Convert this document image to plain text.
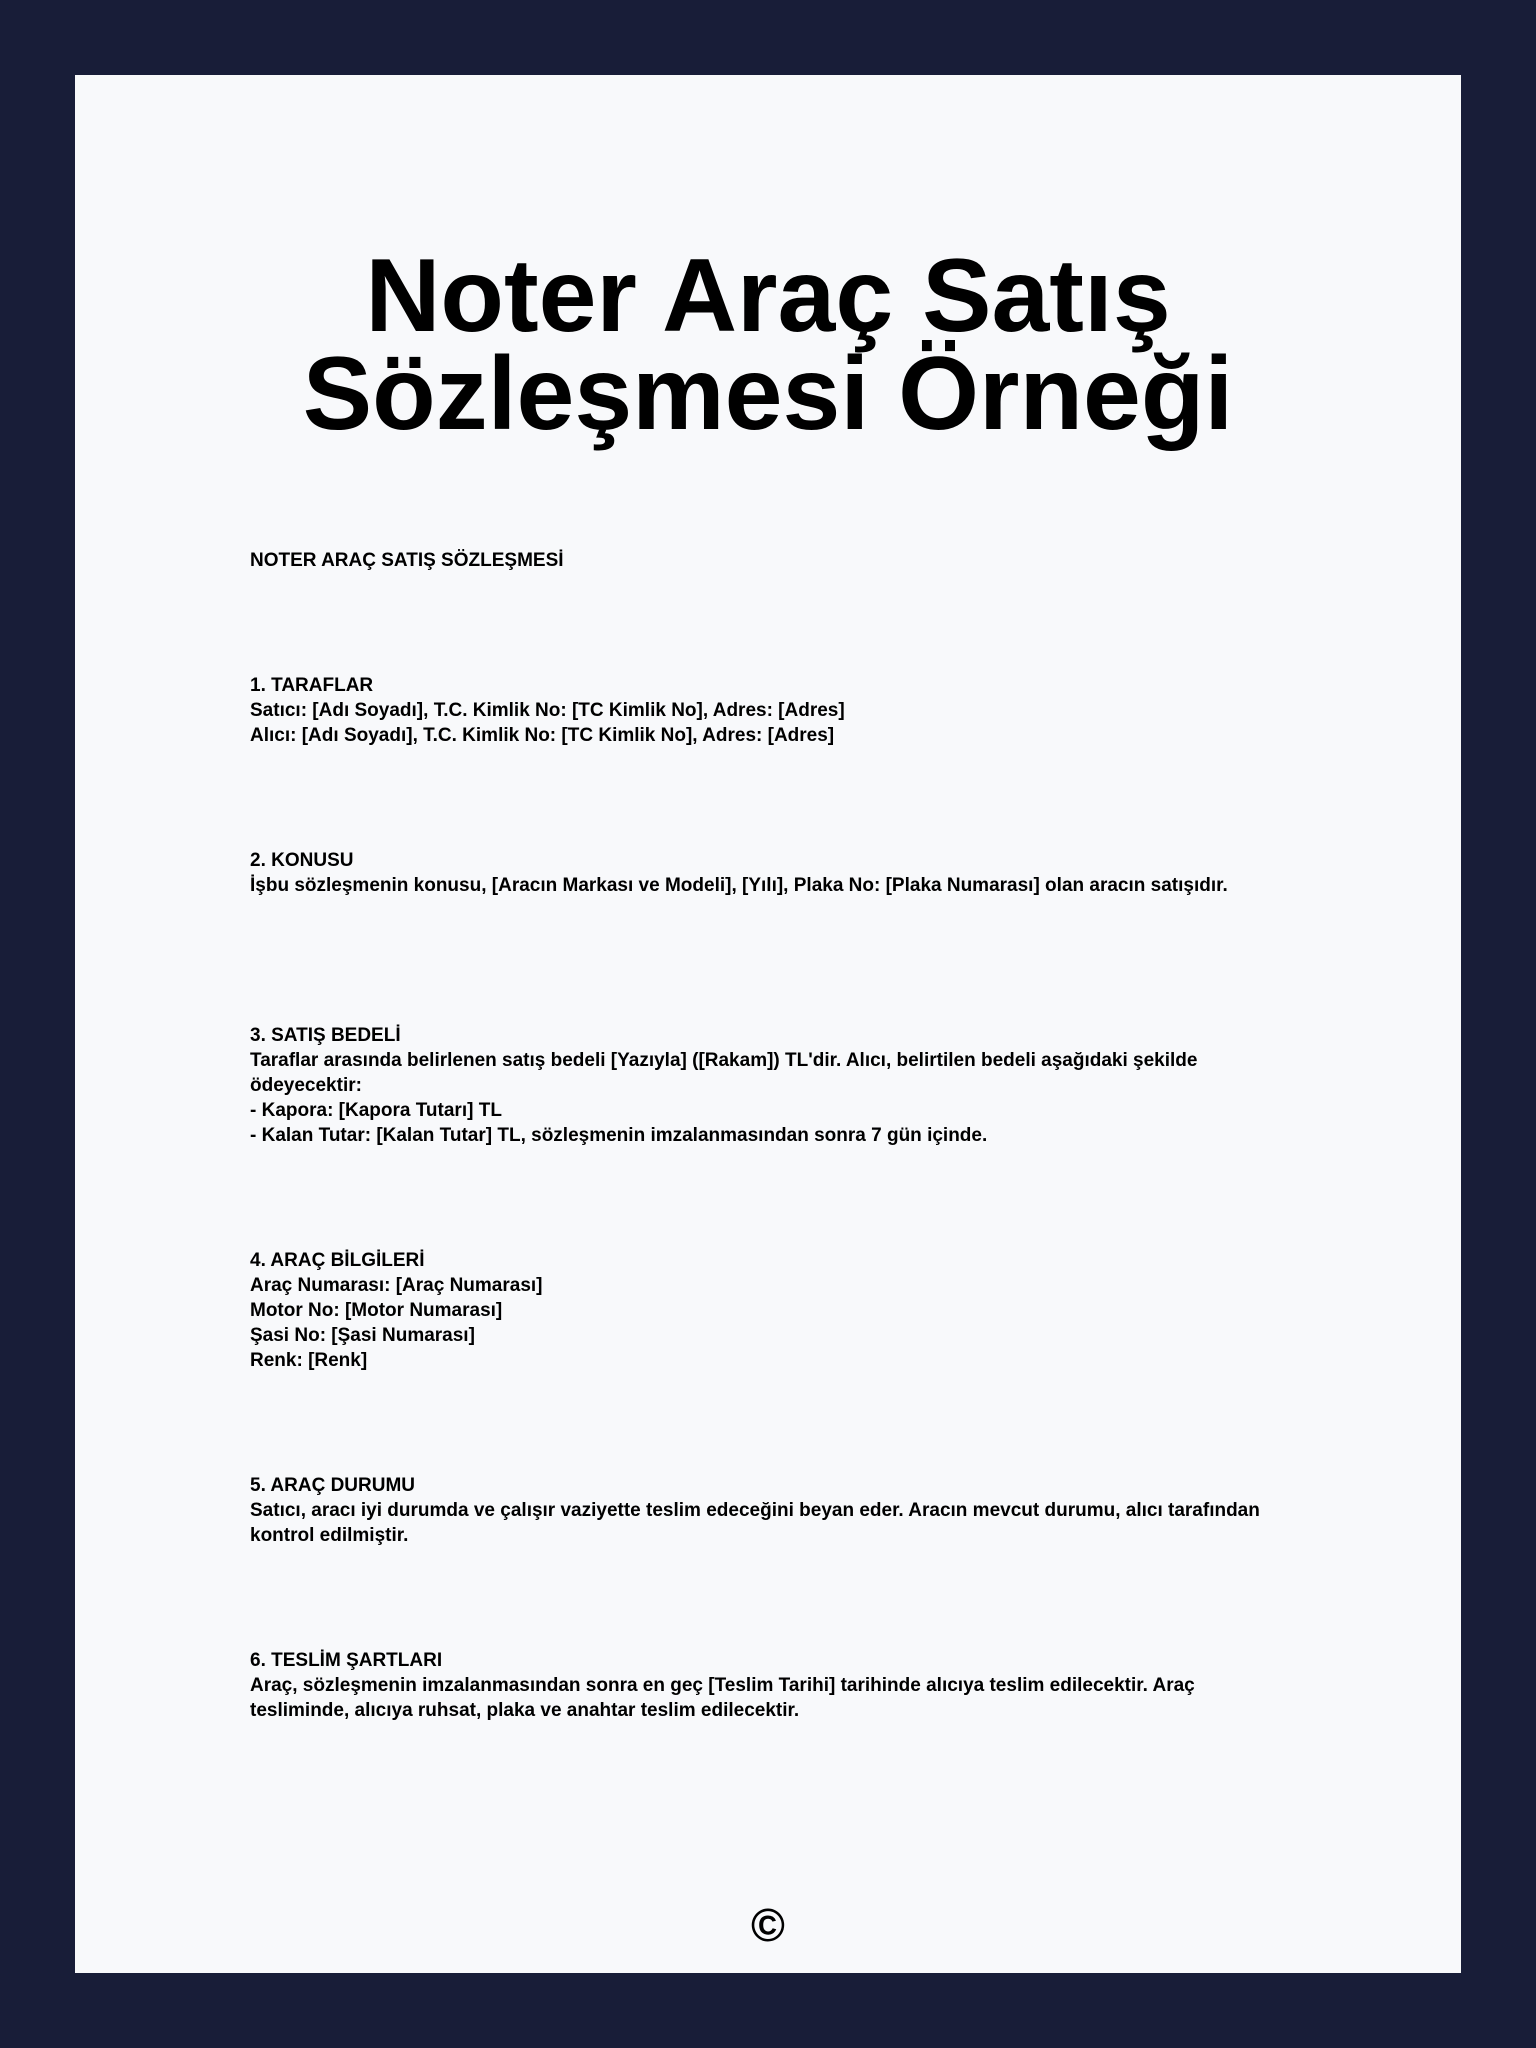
Noter Araç Satış Sözleşmesi Örneği
NOTER ARAÇ SATIŞ SÖZLEŞMESİ

1. TARAFLAR

Satıcı: [Adı Soyadı], T.C. Kimlik No: [TC Kimlik No], Adres: [Adres]

Alıcı: [Adı Soyadı], T.C. Kimlik No: [TC Kimlik No], Adres: [Adres]

2. KONUSU

İşbu sözleşmenin konusu, [Aracın Markası ve Modeli], [Yılı], Plaka No: [Plaka Numarası] olan aracın satışıdır.

3. SATIŞ BEDELİ

Taraflar arasında belirlenen satış bedeli [Yazıyla] ([Rakam]) TL'dir. Alıcı, belirtilen bedeli aşağıdaki şekilde ödeyecektir:

- Kapora: [Kapora Tutarı] TL

- Kalan Tutar: [Kalan Tutar] TL, sözleşmenin imzalanmasından sonra 7 gün içinde.

4. ARAÇ BİLGİLERİ

Araç Numarası: [Araç Numarası]

Motor No: [Motor Numarası]

Şasi No: [Şasi Numarası]

Renk: [Renk]

5. ARAÇ DURUMU

Satıcı, aracı iyi durumda ve çalışır vaziyette teslim edeceğini beyan eder. Aracın mevcut durumu, alıcı tarafından kontrol edilmiştir.

6. TESLİM ŞARTLARI

Araç, sözleşmenin imzalanmasından sonra en geç [Teslim Tarihi] tarihinde alıcıya teslim edilecektir. Araç tesliminde, alıcıya ruhsat, plaka ve anahtar teslim edilecektir.

©
